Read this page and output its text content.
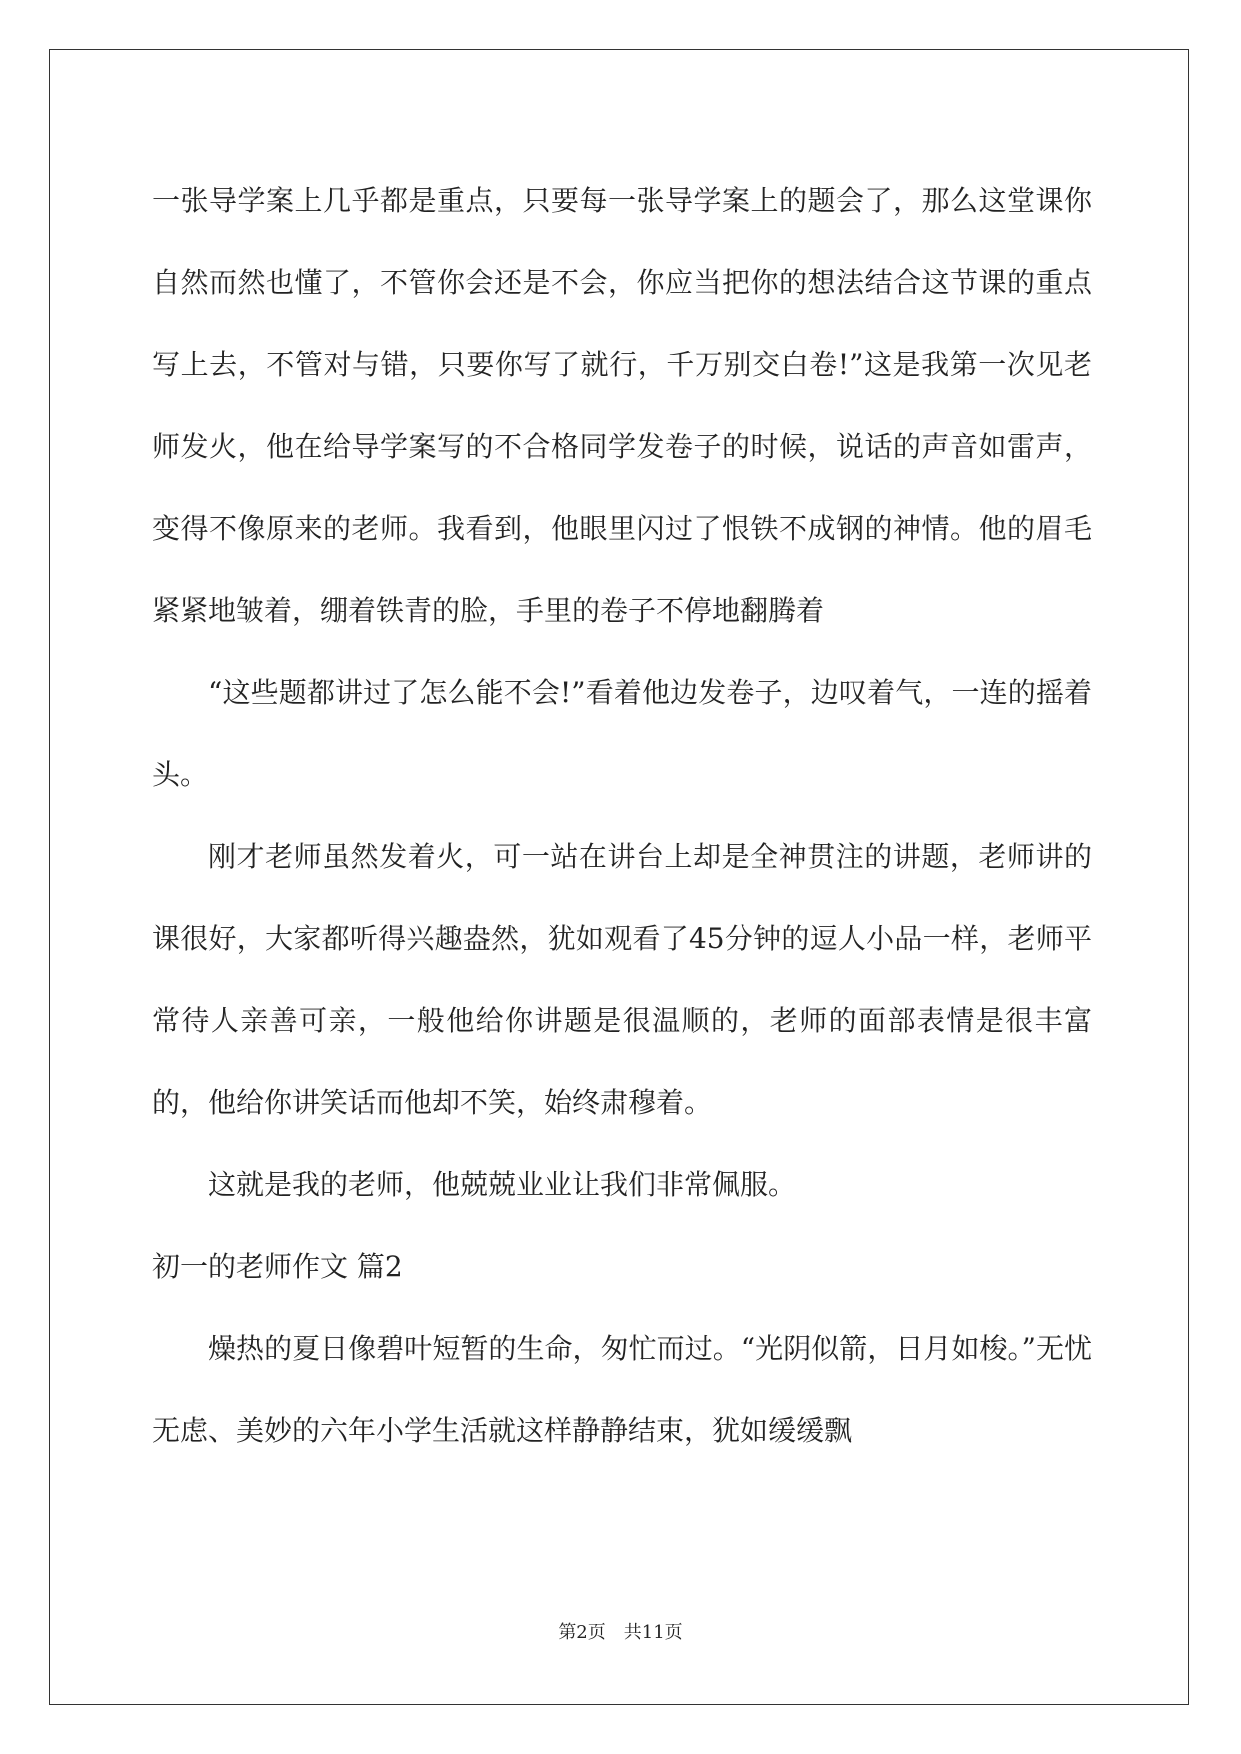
一张导学案上几乎都是重点，只要每一张导学案上的题会了，那么这堂课你自然而然也懂了，不管你会还是不会，你应当把你的想法结合这节课的重点写上去，不管对与错，只要你写了就行，千万别交白卷!”这是我第一次见老师发火，他在给导学案写的不合格同学发卷子的时候，说话的声音如雷声，变得不像原来的老师。我看到，他眼里闪过了恨铁不成钢的神情。他的眉毛紧紧地皱着，绷着铁青的脸，手里的卷子不停地翻腾着

“这些题都讲过了怎么能不会!”看着他边发卷子，边叹着气，一连的摇着头。

刚才老师虽然发着火，可一站在讲台上却是全神贯注的讲题，老师讲的课很好，大家都听得兴趣盎然，犹如观看了45分钟的逗人小品一样，老师平常待人亲善可亲，一般他给你讲题是很温顺的，老师的面部表情是很丰富的，他给你讲笑话而他却不笑，始终肃穆着。

这就是我的老师，他兢兢业业让我们非常佩服。

初一的老师作文 篇2

燥热的夏日像碧叶短暂的生命，匆忙而过。“光阴似箭，日月如梭。”无忧无虑、美妙的六年小学生活就这样静静结束，犹如缓缓飘

第2页　共11页
